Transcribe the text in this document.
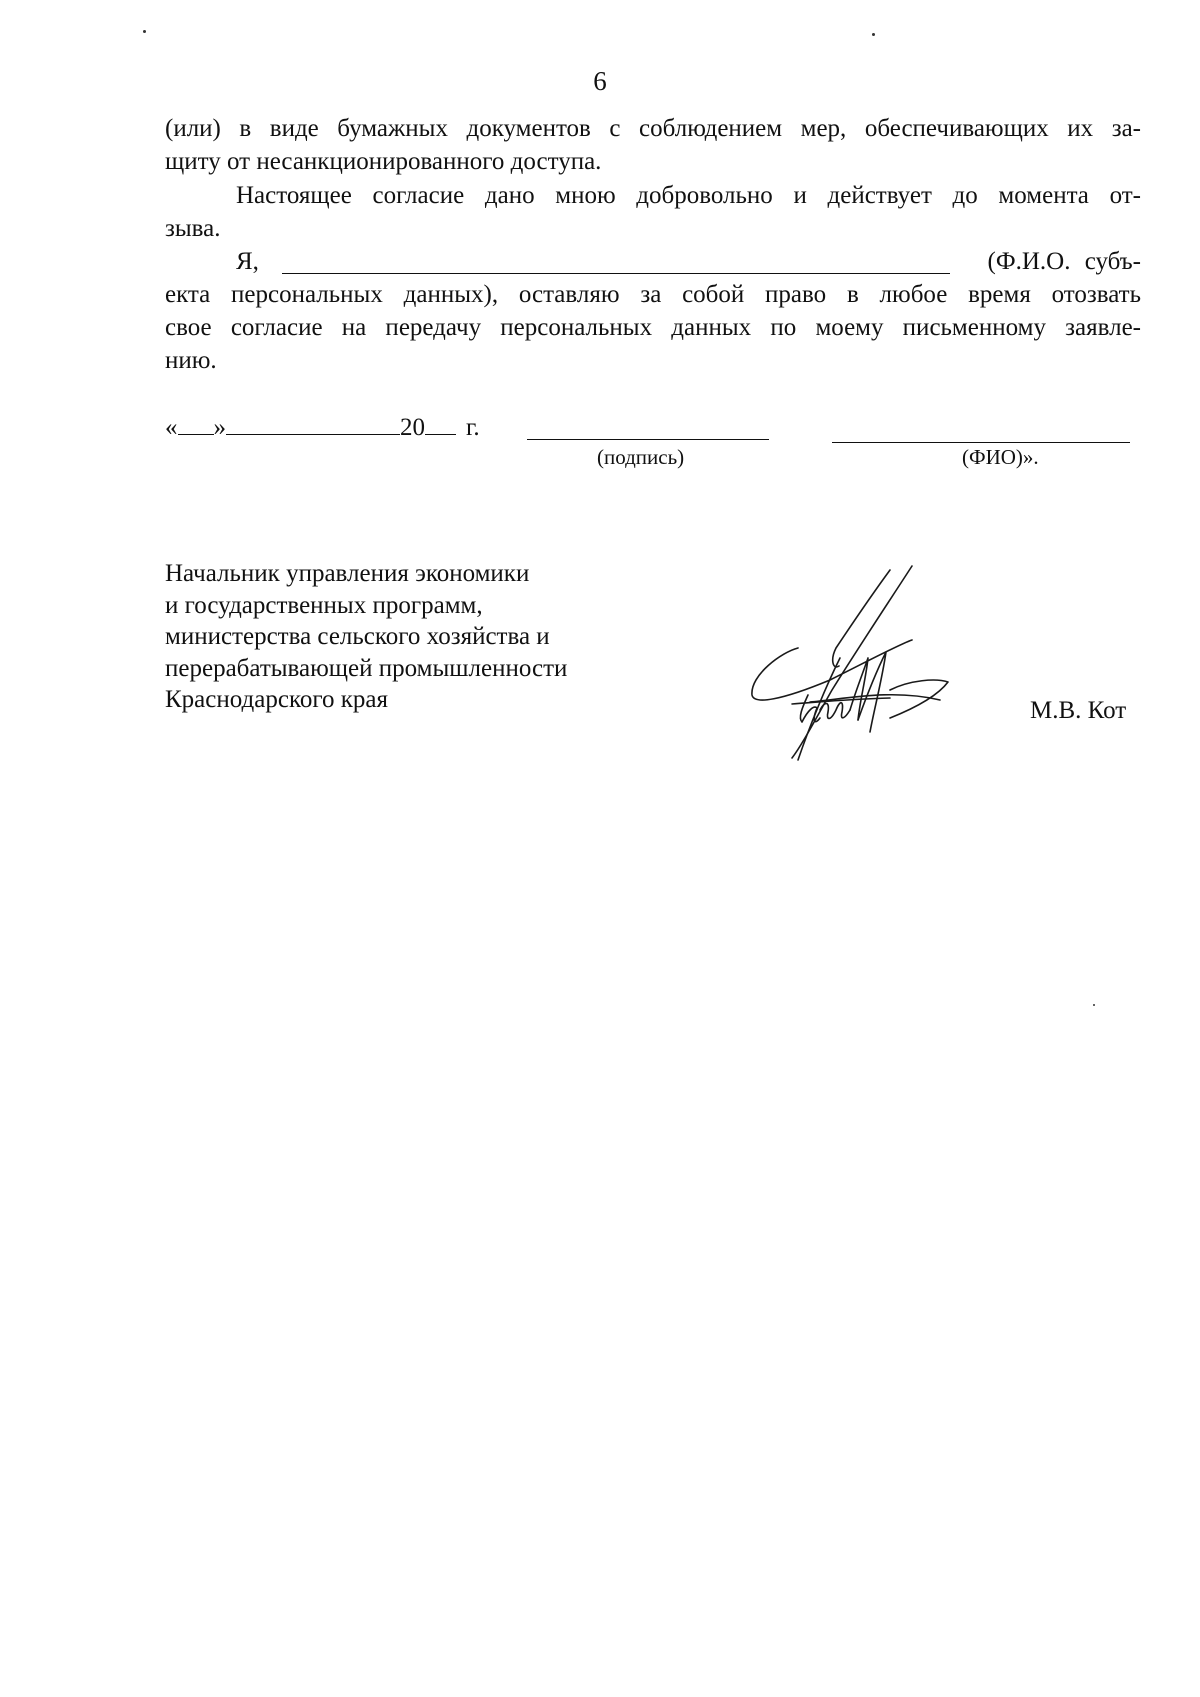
6
(или) в виде бумажных документов с соблюдением мер, обеспечивающих их за-
щиту от несанкционированного доступа.
Настоящее согласие дано мною добровольно и действует до момента от-
зыва.
Я,	(Ф.И.О. субъ-
екта персональных данных), оставляю за собой право в любое время отозвать
свое согласие на передачу персональных данных по моему письменному заявле-
нию.
« »	20 г.
(подпись)	(ФИО)».
Начальник управления экономики
и государственных программ,
министерства сельского хозяйства и
перерабатывающей промышленности
Краснодарского края	М.В. Кот
